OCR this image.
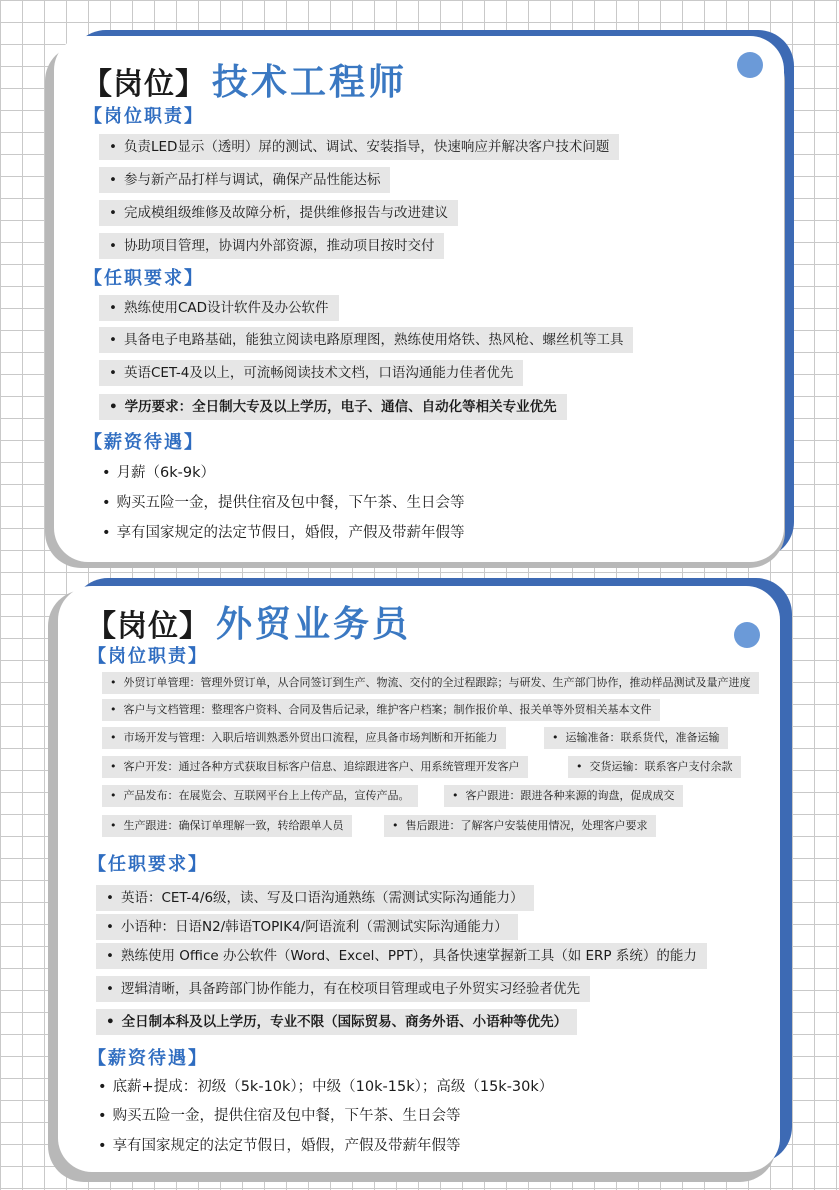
【岗位】 技术工程师
【岗位职责】
• 负责LED显示（透明）屏的测试、调试、安装指导，快速响应并解决客户技术问题
• 参与新产品打样与调试，确保产品性能达标
• 完成模组级维修及故障分析，提供维修报告与改进建议
• 协助项目管理，协调内外部资源，推动项目按时交付
【任职要求】
• 熟练使用CAD设计软件及办公软件
• 具备电子电路基础，能独立阅读电路原理图，熟练使用烙铁、热风枪、螺丝机等工具
• 英语CET-4及以上，可流畅阅读技术文档，口语沟通能力佳者优先
• 学历要求：全日制大专及以上学历，电子、通信、自动化等相关专业优先
【薪资待遇】
• 月薪（6k-9k）
• 购买五险一金，提供住宿及包中餐，下午茶、生日会等
• 享有国家规定的法定节假日，婚假，产假及带薪年假等
【岗位】 外贸业务员
【岗位职责】
• 外贸订单管理：管理外贸订单，从合同签订到生产、物流、交付的全过程跟踪；与研发、生产部门协作，推动样品测试及量产进度
• 客户与文档管理：整理客户资料、合同及售后记录，维护客户档案；制作报价单、报关单等外贸相关基本文件
• 市场开发与管理：入职后培训熟悉外贸出口流程，应具备市场判断和开拓能力	• 运输准备：联系货代，准备运输
• 客户开发：通过各种方式获取目标客户信息、追综跟进客户、用系统管理开发客户	• 交货运输：联系客户支付余款
• 产品发布：在展览会、互联网平台上上传产品，宣传产品。	• 客户跟进：跟进各种来源的询盘，促成成交
• 生产跟进：确保订单理解一致，转给跟单人员	• 售后跟进：了解客户安装使用情况，处理客户要求
【任职要求】
• 英语：CET-4/6级，读、写及口语沟通熟练（需测试实际沟通能力）
• 小语种：日语N2/韩语TOPIK4/阿语流利（需测试实际沟通能力）
• 熟练使用 Office 办公软件（Word、Excel、PPT），具备快速掌握新工具（如 ERP 系统）的能力
• 逻辑清晰，具备跨部门协作能力，有在校项目管理或电子外贸实习经验者优先
• 全日制本科及以上学历，专业不限（国际贸易、商务外语、小语种等优先）
【薪资待遇】
• 底薪+提成：初级（5k-10k）；中级（10k-15k）；高级（15k-30k）
• 购买五险一金，提供住宿及包中餐，下午茶、生日会等
• 享有国家规定的法定节假日，婚假，产假及带薪年假等
